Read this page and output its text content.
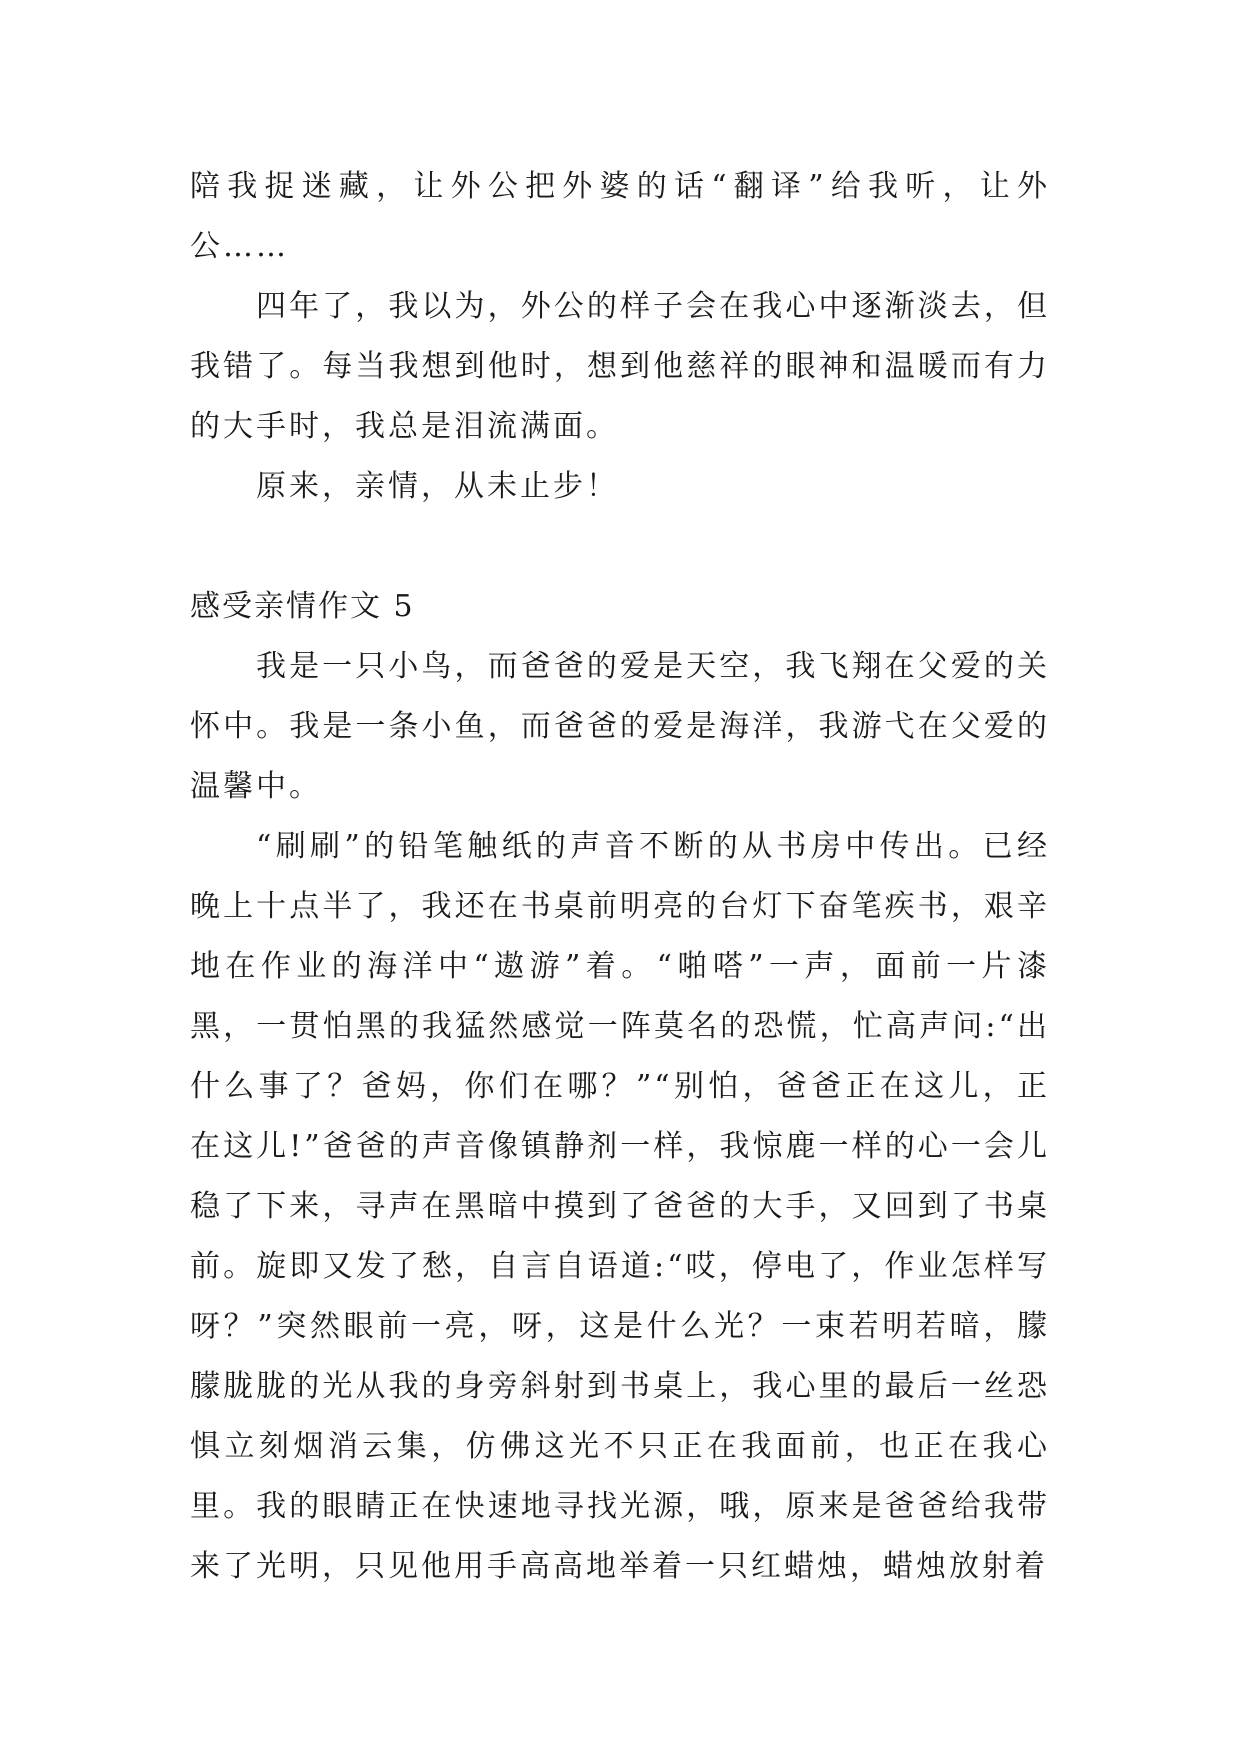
陪我捉迷藏，让外公把外婆的话“翻译”给我听，让外公……

四年了，我以为，外公的样子会在我心中逐渐淡去，但我错了。每当我想到他时，想到他慈祥的眼神和温暖而有力的大手时，我总是泪流满面。

原来，亲情，从未止步！

感受亲情作文 5

我是一只小鸟，而爸爸的爱是天空，我飞翔在父爱的关怀中。我是一条小鱼，而爸爸的爱是海洋，我游弋在父爱的温馨中。

“刷刷”的铅笔触纸的声音不断的从书房中传出。已经晚上十点半了，我还在书桌前明亮的台灯下奋笔疾书，艰辛地在作业的海洋中“遨游”着。“啪嗒”一声，面前一片漆黑，一贯怕黑的我猛然感觉一阵莫名的恐慌，忙高声问:“出什么事了？爸妈，你们在哪？”“别怕，爸爸正在这儿，正在这儿!”爸爸的声音像镇静剂一样，我惊鹿一样的心一会儿稳了下来，寻声在黑暗中摸到了爸爸的大手，又回到了书桌前。旋即又发了愁，自言自语道:“哎，停电了，作业怎样写呀？”突然眼前一亮，呀，这是什么光？一束若明若暗，朦朦胧胧的光从我的身旁斜射到书桌上，我心里的最后一丝恐惧立刻烟消云集，仿佛这光不只正在我面前，也正在我心里。我的眼睛正在快速地寻找光源，哦，原来是爸爸给我带来了光明，只见他用手高高地举着一只红蜡烛，蜡烛放射着
